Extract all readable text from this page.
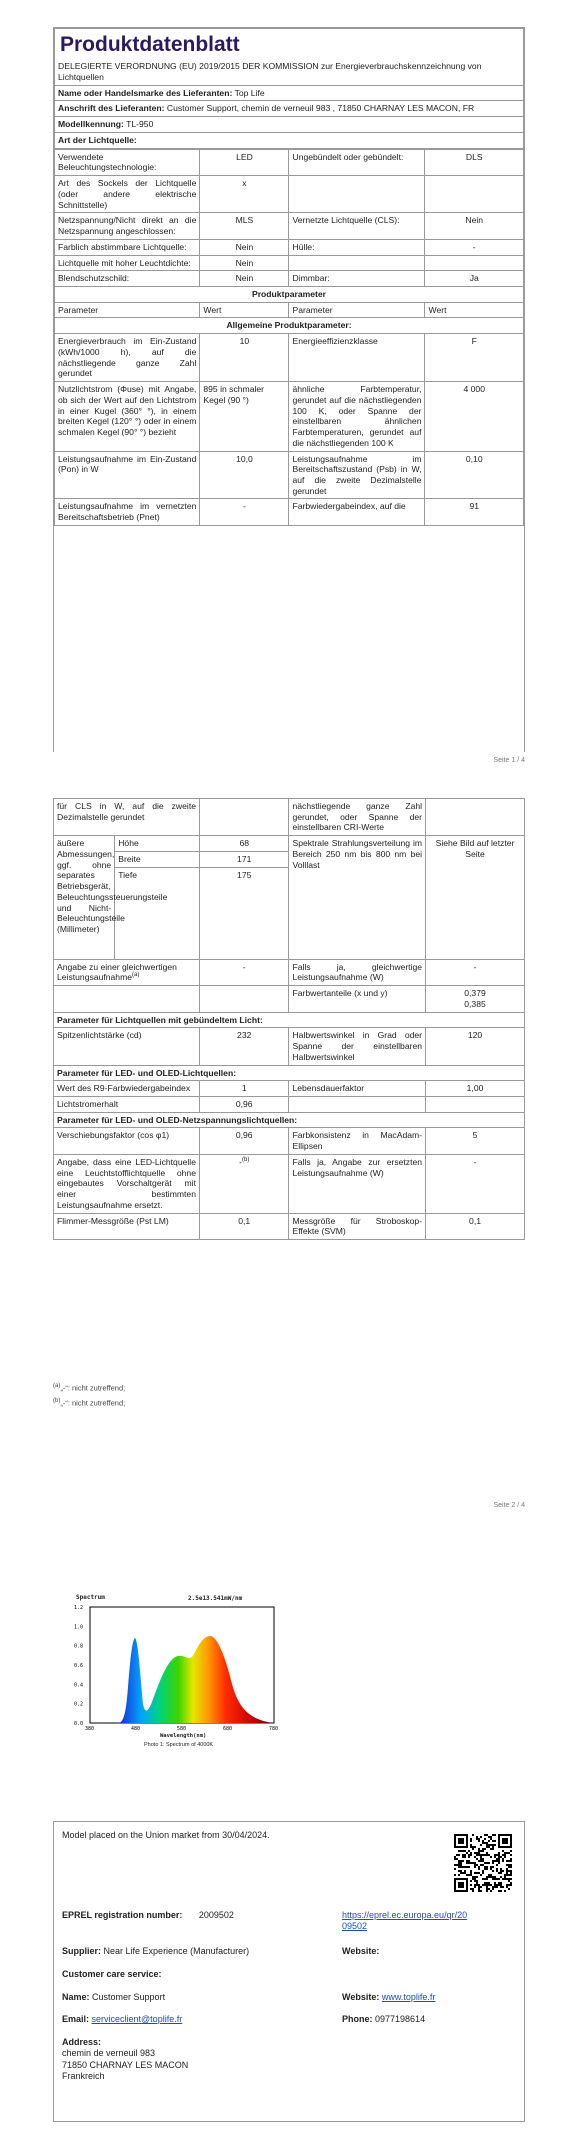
Produktdatenblatt
DELEGIERTE VERORDNUNG (EU) 2019/2015 DER KOMMISSION zur Energieverbrauchskennzeichnung von Lichtquellen
Name oder Handelsmarke des Lieferanten: Top Life
Anschrift des Lieferanten: Customer Support, chemin de verneuil 983 , 71850 CHARNAY LES MACON, FR
Modellkennung: TL-950
Art der Lichtquelle:
Verwendete Beleuchtungstechnologie:	LED	Ungebündelt oder gebündelt:	DLS
Art des Sockels der Lichtquelle (oder andere elektrische Schnittstelle)	x		
Netzspannung/Nicht direkt an die Netzspannung angeschlossen:	MLS	Vernetzte Lichtquelle (CLS):	Nein
Farblich abstimmbare Lichtquelle:	Nein	Hülle:	-
Lichtquelle mit hoher Leuchtdichte:	Nein		
Blendschutzschild:	Nein	Dimmbar:	Ja
Produktparameter			
Parameter	Wert	Parameter	Wert
Allgemeine Produktparameter:			
Energieverbrauch im Ein-Zustand (kWh/1000 h), auf die nächstliegende ganze Zahl gerundet	10	Energieeffizienzklasse	F
Nutzlichtstrom (Φuse) mit Angabe, ob sich der Wert auf den Lichtstrom in einer Kugel (360° °), in einem breiten Kegel (120° °) oder in einem schmalen Kegel (90° °) bezieht	895 in schmaler Kegel (90 °)	ähnliche Farbtemperatur, gerundet auf die nächstliegenden 100 K, oder Spanne der einstellbaren ähnlichen Farbtemperaturen, gerundet auf die nächstliegenden 100 K	4 000
Leistungsaufnahme im Ein-Zustand (Pon) in W	10,0	Leistungsaufnahme im Bereitschaftszustand (Psb) in W, auf die zweite Dezimalstelle gerundet	0,10
Leistungsaufnahme im vernetzten Bereitschaftsbetrieb (Pnet)	-	Farbwiedergabeindex, auf die	91
Seite 1 / 4
für CLS in W, auf die zweite Dezimalstelle gerundet			nächstliegende ganze Zahl gerundet, oder Spanne der einstellbaren CRI-Werte	
äußere Abmessungen, ggf. ohne separates Betriebsgerät, Beleuchtungssteuerungsteile und Nicht-Beleuchtungsteile (Millimeter)	Höhe	68	Spektrale Strahlungsverteilung im Bereich 250 nm bis 800 nm bei Volllast	Siehe Bild auf letzter Seite
	Breite	171		
	Tiefe	175		
Angabe zu einer gleichwertigen Leistungsaufnahme$^{(a)}$		-	Falls ja, gleichwertige Leistungsaufnahme (W)	-
			Farbwertanteile (x und y)	0,379
0,385

Parameter für Lichtquellen mit gebündeltem Licht:				
Spitzenlichtstärke (cd)		232	Halbwertswinkel in Grad oder Spanne der einstellbaren Halbwertswinkel	120
Parameter für LED- und OLED-Lichtquellen:				
Wert des R9-Farbwiedergabeindex		1	Lebensdauerfaktor	1,00
Lichtstromerhalt		0,96		
Parameter für LED- und OLED-Netzspannungslichtquellen:				
Verschiebungsfaktor (cos φ1)		0,96	Farbkonsistenz in MacAdam-Ellipsen	5
Angabe, dass eine LED-Lichtquelle eine Leuchtstofflichtquelle ohne eingebautes Vorschaltgerät mit einer bestimmten Leistungsaufnahme ersetzt.		-$^{(b)}$	Falls ja, Angabe zur ersetzten Leistungsaufnahme (W)	-
Flimmer-Messgröße (Pst LM)		0,1	Messgröße für Stroboskop-Effekte (SVM)	0,1
$^{(a)}$„-“: nicht zutreffend;
$^{(b)}$„-“: nicht zutreffend;
Seite 2 / 4
1.2
1.0
0.8
0.6
0.4
0.2
0.0
380	480	580	680	780
Spectrum	2.5e13.541mW/nm
Wavelength(nm)
Photo 1: Spectrum of 4000K
Model placed on the Union market from 30/04/2024.
EPREL registration number: 2009502	https://eprel.ec.europa.eu/qr/2009502
Supplier: Near Life Experience (Manufacturer)	Website:
Customer care service:
Name: Customer Support	Website: www.toplife.fr
Email: serviceclient@toplife.fr	Phone: 0977198614
Address:
chemin de verneuil 983
71850 CHARNAY LES MACON
Frankreich
